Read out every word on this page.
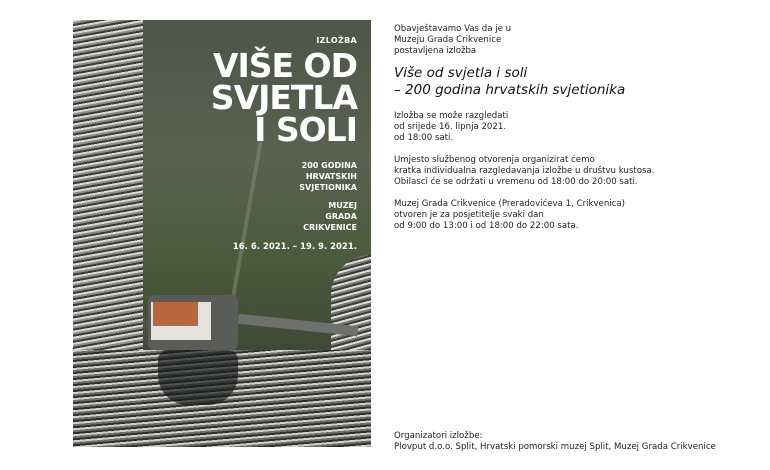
IZLOŽBA
VIŠE OD
SVJETLA
I SOLI
200 GODINA
HRVATSKIH
SVJETIONIKA
MUZEJ
GRADA
CRIKVENICE
16. 6. 2021. – 19. 9. 2021.
Obavještavamo Vas da je u
Muzeju Grada Crikvenice
postavljena izložba
Više od svjetla i soli
– 200 godina hrvatskih svjetionika
Izložba se može razgledati
od srijede 16. lipnja 2021.
od 18:00 sati.
Umjesto službenog otvorenja organizirat ćemo
kratka individualna razgledavanja izložbe u društvu kustosa.
Obilasci će se održati u vremenu od 18:00 do 20:00 sati.
Muzej Grada Crikvenice (Preradovićeva 1, Crikvenica)
otvoren je za posjetitelje svaki dan
od 9:00 do 13:00 i od 18:00 do 22:00 sata.
Organizatori izložbe:
Plovput d.o.o. Split, Hrvatski pomorski muzej Split, Muzej Grada Crikvenice
